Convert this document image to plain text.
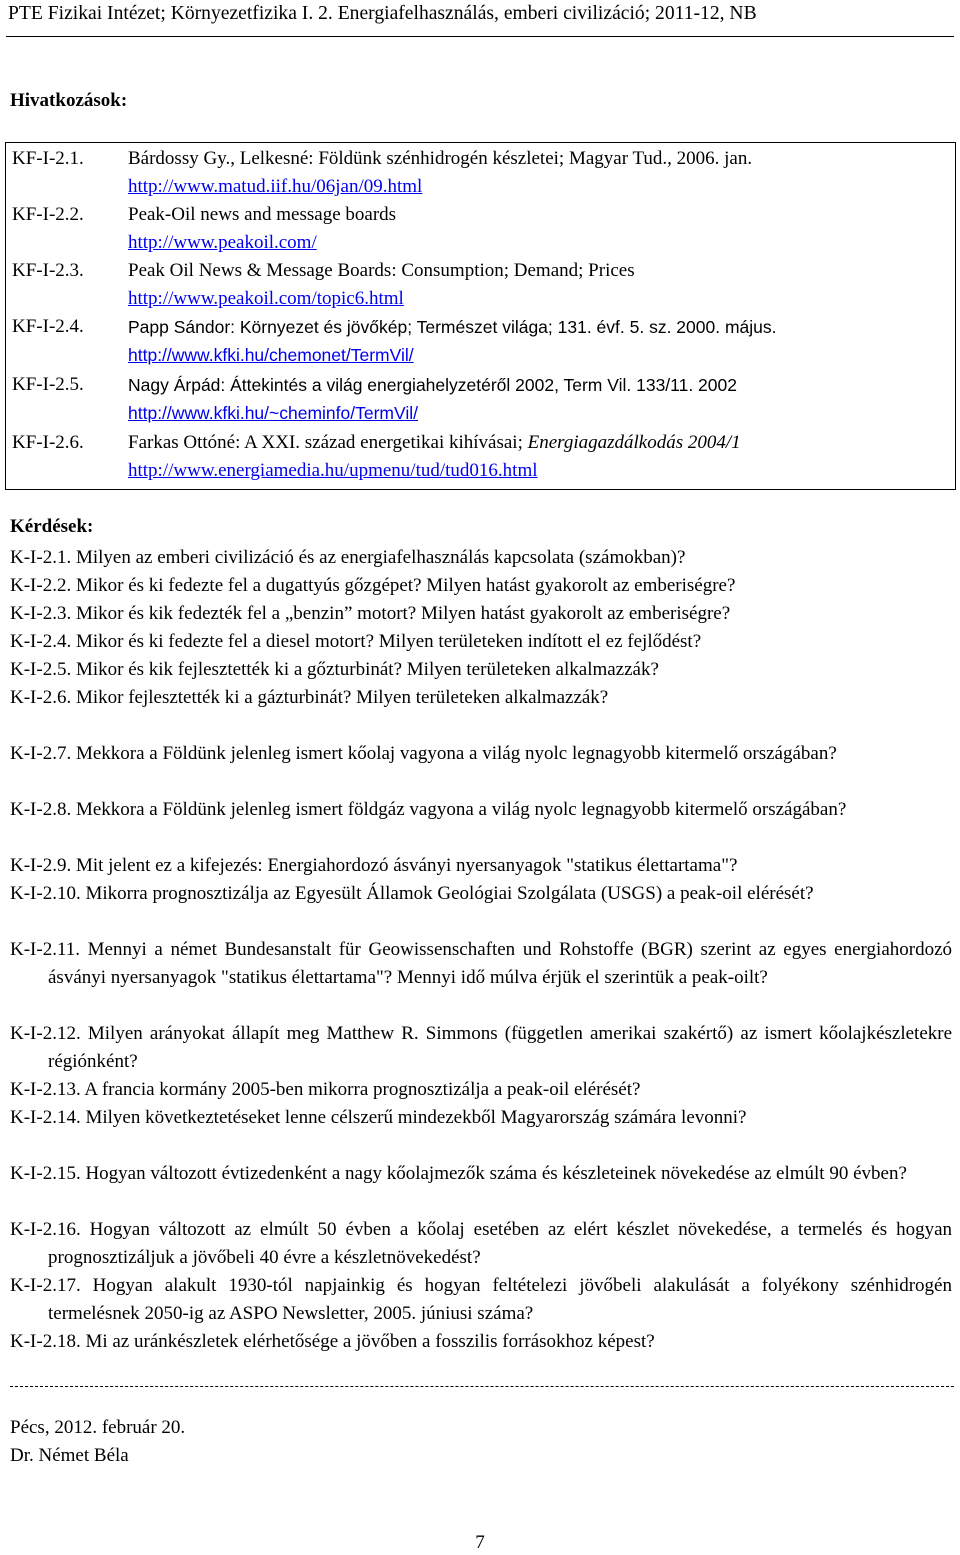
PTE Fizikai Intézet; Környezetfizika I. 2. Energiafelhasználás, emberi civilizáció; 2011-12, NB
Hivatkozások:
KF-I-2.1. Bárdossy Gy., Lelkesné: Földünk szénhidrogén készletei; Magyar Tud., 2006. jan.
http://www.matud.iif.hu/06jan/09.html
KF-I-2.2. Peak-Oil news and message boards
http://www.peakoil.com/
KF-I-2.3. Peak Oil News & Message Boards: Consumption; Demand; Prices
http://www.peakoil.com/topic6.html
KF-I-2.4.	Papp Sándor: Környezet és jövőkép; Természet világa; 131. évf. 5. sz. 2000. május.
http://www.kfki.hu/chemonet/TermVil/
KF-I-2.5.	Nagy Árpád: Áttekintés a világ energiahelyzetéről 2002, Term Vil. 133/11. 2002
http://www.kfki.hu/~cheminfo/TermVil/
KF-I-2.6. Farkas Ottóné: A XXI. század energetikai kihívásai; Energiagazdálkodás 2004/1
http://www.energiamedia.hu/upmenu/tud/tud016.html
Kérdések:
K-I-2.1. Milyen az emberi civilizáció és az energiafelhasználás kapcsolata (számokban)?
K-I-2.2. Mikor és ki fedezte fel a dugattyús gőzgépet? Milyen hatást gyakorolt az emberiségre?
K-I-2.3. Mikor és kik fedezték fel a „benzin” motort? Milyen hatást gyakorolt az emberiségre?
K-I-2.4. Mikor és ki fedezte fel a diesel motort? Milyen területeken indított el ez fejlődést?
K-I-2.5. Mikor és kik fejlesztették ki a gőzturbinát? Milyen területeken alkalmazzák?
K-I-2.6. Mikor fejlesztették ki a gázturbinát? Milyen területeken alkalmazzák?
K-I-2.7. Mekkora a Földünk jelenleg ismert kőolaj vagyona a világ nyolc legnagyobb kitermelő országában?
K-I-2.8. Mekkora a Földünk jelenleg ismert földgáz vagyona a világ nyolc legnagyobb kitermelő országában?
K-I-2.9. Mit jelent ez a kifejezés: Energiahordozó ásványi nyersanyagok "statikus élettartama"?
K-I-2.10. Mikorra prognosztizálja az Egyesült Államok Geológiai Szolgálata (USGS) a peak-oil elérését?
K-I-2.11. Mennyi a német Bundesanstalt für Geowissenschaften und Rohstoffe (BGR) szerint az egyes energiahordozó ásványi nyersanyagok "statikus élettartama"? Mennyi idő múlva érjük el szerintük a peak-oilt?
K-I-2.12. Milyen arányokat állapít meg Matthew R. Simmons (független amerikai szakértő) az ismert kőolajkészletekre régiónként?
K-I-2.13. A francia kormány 2005-ben mikorra prognosztizálja a peak-oil elérését?
K-I-2.14. Milyen következtetéseket lenne célszerű mindezekből Magyarország számára levonni?
K-I-2.15. Hogyan változott évtizedenként a nagy kőolajmezők száma és készleteinek növekedése az elmúlt 90 évben?
K-I-2.16. Hogyan változott az elmúlt 50 évben a kőolaj esetében az elért készlet növekedése, a termelés és hogyan prognosztizáljuk a jövőbeli 40 évre a készletnövekedést?
K-I-2.17. Hogyan alakult 1930-tól napjainkig és hogyan feltételezi jövőbeli alakulását a folyékony szénhidrogén termelésnek 2050-ig az ASPO Newsletter, 2005. júniusi száma?
K-I-2.18. Mi az uránkészletek elérhetősége a jövőben a fosszilis forrásokhoz képest?
Pécs, 2012. február 20.
Dr. Német Béla
7
